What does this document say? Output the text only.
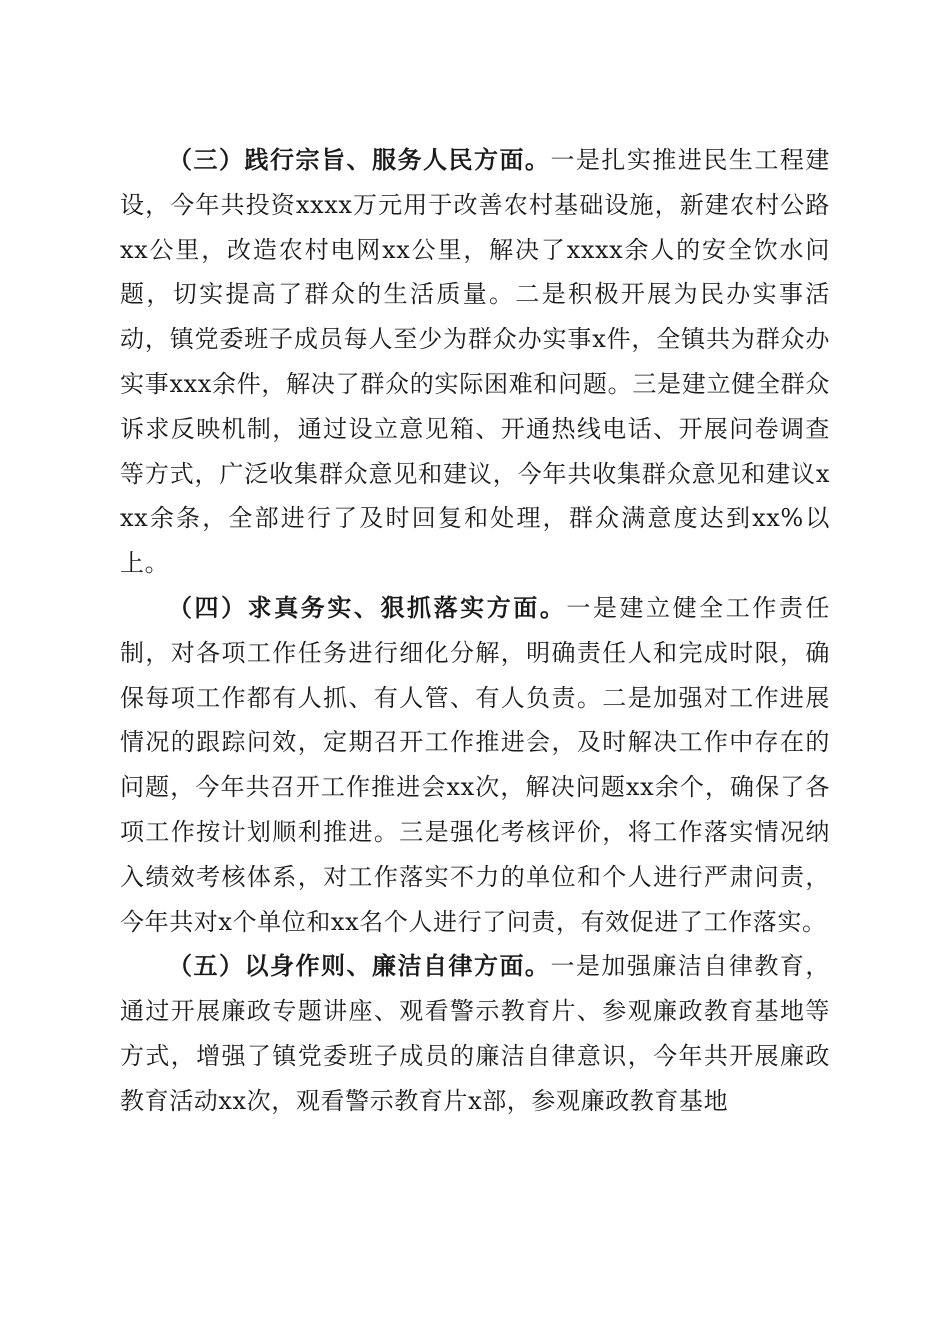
（三）践行宗旨、服务人民方面。一是扎实推进民生工程建设，今年共投资xxxx万元用于改善农村基础设施，新建农村公路xx公里，改造农村电网xx公里，解决了xxxx余人的安全饮水问题，切实提高了群众的生活质量。二是积极开展为民办实事活动，镇党委班子成员每人至少为群众办实事x件，全镇共为群众办实事xxx余件，解决了群众的实际困难和问题。三是建立健全群众诉求反映机制，通过设立意见箱、开通热线电话、开展问卷调查等方式，广泛收集群众意见和建议，今年共收集群众意见和建议xxx余条，全部进行了及时回复和处理，群众满意度达到xx%以上。

（四）求真务实、狠抓落实方面。一是建立健全工作责任制，对各项工作任务进行细化分解，明确责任人和完成时限，确保每项工作都有人抓、有人管、有人负责。二是加强对工作进展情况的跟踪问效，定期召开工作推进会，及时解决工作中存在的问题，今年共召开工作推进会xx次，解决问题xx余个，确保了各项工作按计划顺利推进。三是强化考核评价，将工作落实情况纳入绩效考核体系，对工作落实不力的单位和个人进行严肃问责，今年共对x个单位和xx名个人进行了问责，有效促进了工作落实。

（五）以身作则、廉洁自律方面。一是加强廉洁自律教育，通过开展廉政专题讲座、观看警示教育片、参观廉政教育基地等方式，增强了镇党委班子成员的廉洁自律意识，今年共开展廉政教育活动xx次，观看警示教育片x部，参观廉政教育基地
